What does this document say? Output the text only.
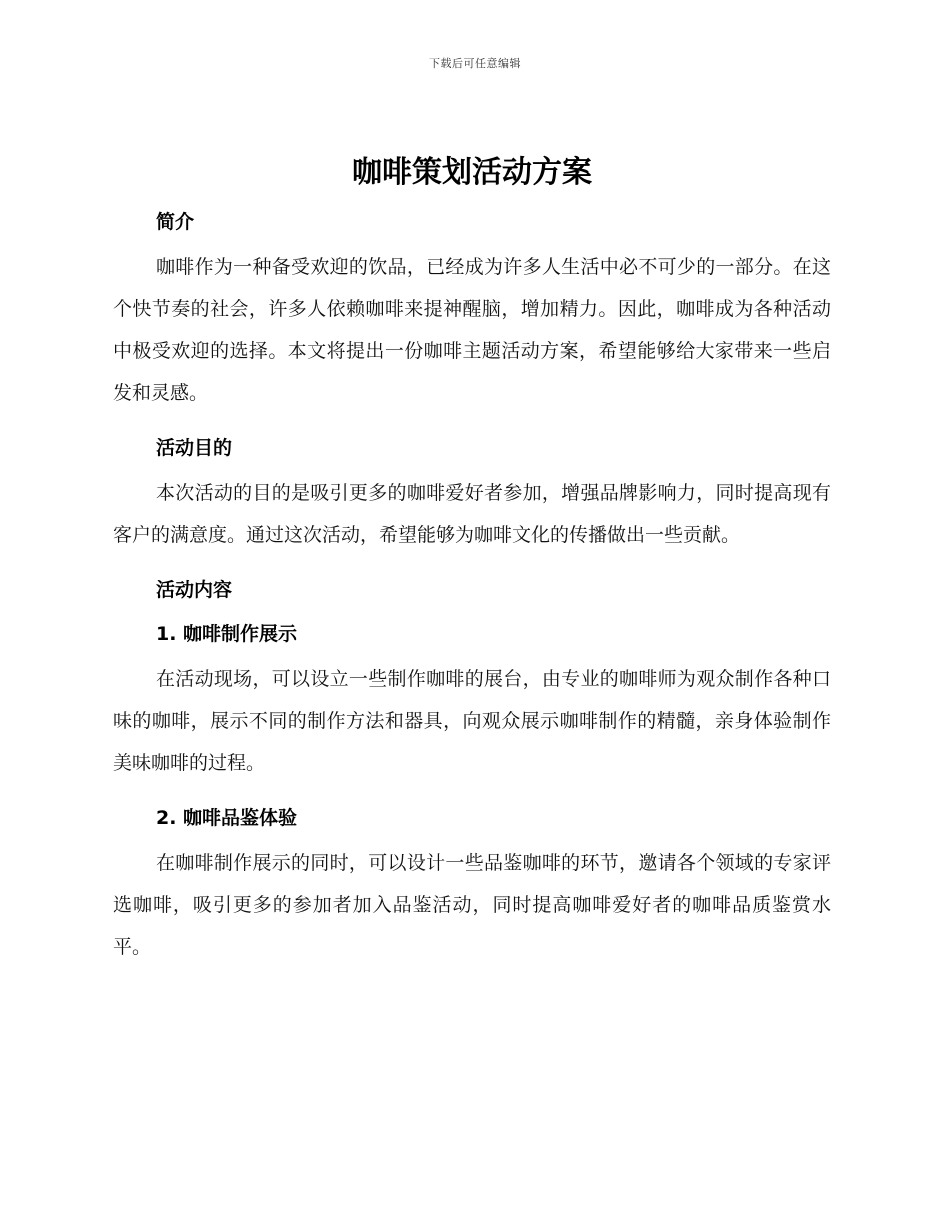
下载后可任意编辑
咖啡策划活动方案
简介

咖啡作为一种备受欢迎的饮品，已经成为许多人生活中必不可少的一部分。在这个快节奏的社会，许多人依赖咖啡来提神醒脑，增加精力。因此，咖啡成为各种活动中极受欢迎的选择。本文将提出一份咖啡主题活动方案，希望能够给大家带来一些启发和灵感。

活动目的

本次活动的目的是吸引更多的咖啡爱好者参加，增强品牌影响力，同时提高现有客户的满意度。通过这次活动，希望能够为咖啡文化的传播做出一些贡献。

活动内容
1. 咖啡制作展示

在活动现场，可以设立一些制作咖啡的展台，由专业的咖啡师为观众制作各种口味的咖啡，展示不同的制作方法和器具，向观众展示咖啡制作的精髓，亲身体验制作美味咖啡的过程。

2. 咖啡品鉴体验

在咖啡制作展示的同时，可以设计一些品鉴咖啡的环节，邀请各个领域的专家评选咖啡，吸引更多的参加者加入品鉴活动，同时提高咖啡爱好者的咖啡品质鉴赏水平。
